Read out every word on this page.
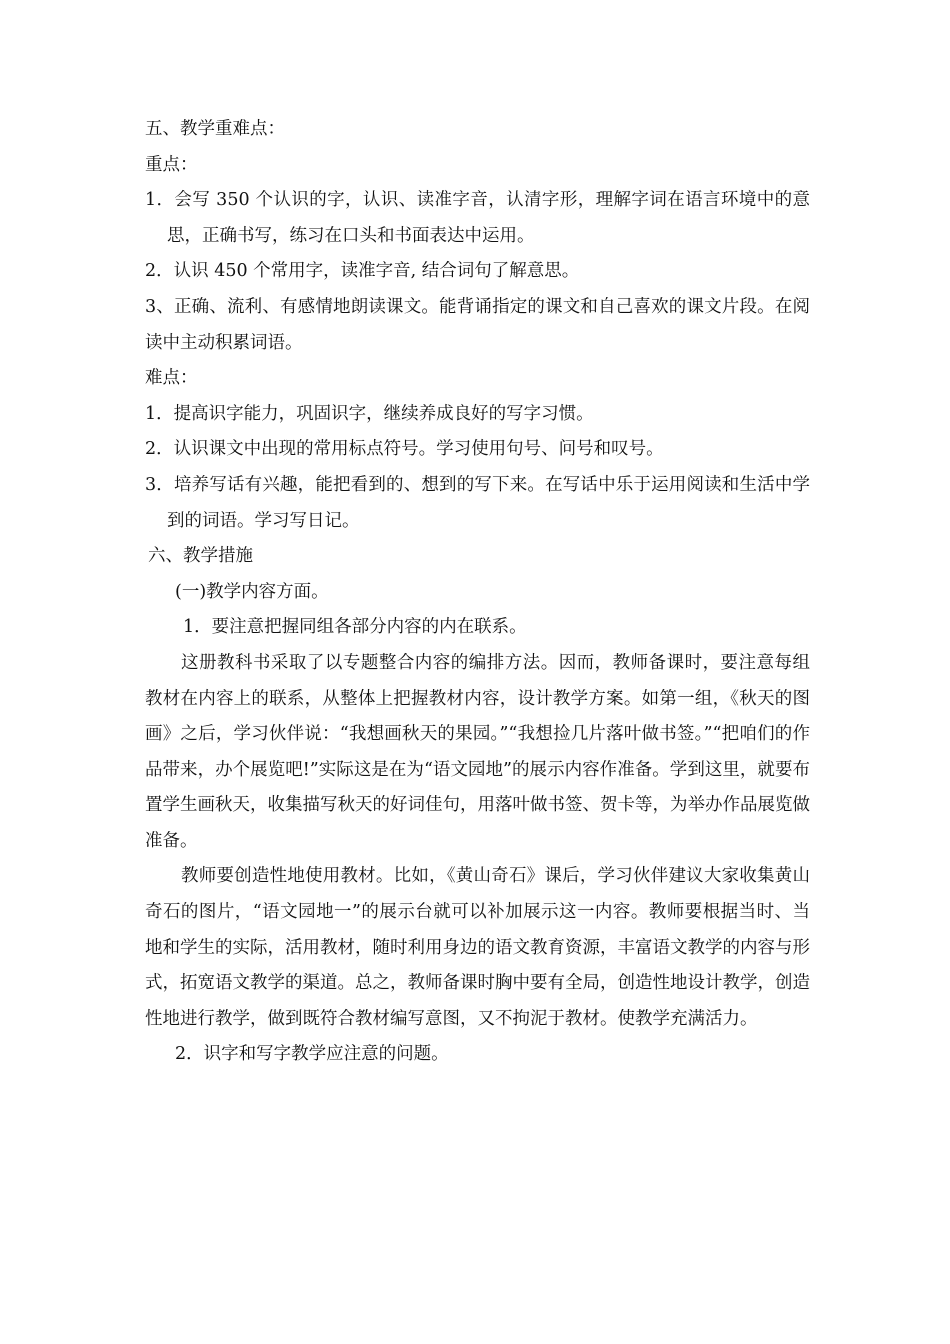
五、教学重难点：
重点：
1．会写 350 个认识的字，认识、读准字音，认清字形，理解字词在语言环境中的意思，正确书写，练习在口头和书面表达中运用。
2．认识 450 个常用字，读准字音, 结合词句了解意思。
3、正确、流利、有感情地朗读课文。能背诵指定的课文和自己喜欢的课文片段。在阅读中主动积累词语。
难点：
1．提高识字能力，巩固识字，继续养成良好的写字习惯。
2．认识课文中出现的常用标点符号。学习使用句号、问号和叹号。
3．培养写话有兴趣，能把看到的、想到的写下来。在写话中乐于运用阅读和生活中学到的词语。学习写日记。
六、教学措施
(一)教学内容方面。
1．要注意把握同组各部分内容的内在联系。
这册教科书采取了以专题整合内容的编排方法。因而，教师备课时，要注意每组教材在内容上的联系，从整体上把握教材内容，设计教学方案。如第一组，《秋天的图画》之后，学习伙伴说：“我想画秋天的果园。”“我想捡几片落叶做书签。”“把咱们的作品带来，办个展览吧!”实际这是在为“语文园地”的展示内容作准备。学到这里，就要布置学生画秋天，收集描写秋天的好词佳句，用落叶做书签、贺卡等，为举办作品展览做准备。
教师要创造性地使用教材。比如，《黄山奇石》课后，学习伙伴建议大家收集黄山奇石的图片，“语文园地一”的展示台就可以补加展示这一内容。教师要根据当时、当地和学生的实际，活用教材，随时利用身边的语文教育资源，丰富语文教学的内容与形式，拓宽语文教学的渠道。总之，教师备课时胸中要有全局，创造性地设计教学，创造性地进行教学，做到既符合教材编写意图，又不拘泥于教材。使教学充满活力。
2．识字和写字教学应注意的问题。
